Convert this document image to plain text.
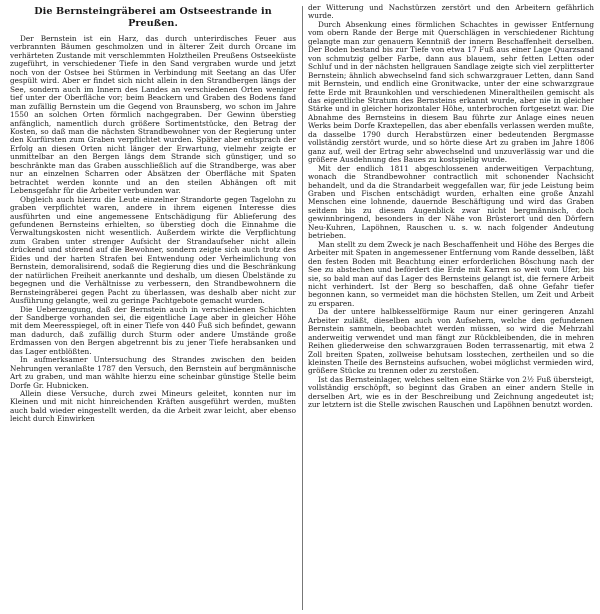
Die Bernsteingräberei am Ostseestrande in Preußen.

Der Bernstein ist ein Harz, das durch unterirdisches Feuer aus verbrannten Bäumen geschmolzen und in älterer Zeit durch Orcane im verhärteten Zustande mit verschlemmten Holztheilen Preußens Ostseeküste zugeführt, in verschiedener Tiefe in den Sand vergraben wurde und jetzt noch von der Ostsee bei Stürmen in Verbindung mit Seetang an das Ufer gespült wird. Aber er findet sich nicht allein in den Strandbergen längs der See, sondern auch im Innern des Landes an verschiedenen Orten weniger tief unter der Oberfläche vor; beim Beackern und Graben des Bodens fand man zufällig Bernstein um die Gegend von Braunsberg, wo schon im Jahre 1550 an solchen Orten förmlich nachgegraben. Der Gewinn überstieg anfänglich, namentlich durch größere Sortimentstücke, den Betrag der Kosten, so daß man die nächsten Strandbewohner von der Regierung unter den Kurfürsten zum Graben verpflichtet wurden. Später aber entsprach der Erfolg an diesen Orten nicht länger der Erwartung, vielmehr zeigte er unmittelbar an den Bergen längs dem Strande sich günstiger, und so beschränkte man das Graben ausschließlich auf die Strandberge, was aber nur an einzelnen Scharren oder Absätzen der Oberfläche mit Spaten betrachtet werden konnte und an den steilen Abhängen oft mit Lebensgefahr für die Arbeiter verbunden war.

Obgleich auch hierzu die Leute einzelner Strandorte gegen Tagelohn zu graben verpflichtet waren, andere in ihrem eigenen Interesse dies ausführten und eine angemessene Entschädigung für Ablieferung des gefundenen Bernsteins erhielten, so überstieg doch die Einnahme die Verwaltungskosten nicht wesentlich. Außerdem wirkte die Verpflichtung zum Graben unter strenger Aufsicht der Strandaufseher nicht allein drückend und störend auf die Bewohner, sondern zeigte sich auch trotz des Eides und der harten Strafen bei Entwendung oder Verheimlichung von Bernstein, demoralisirend, sodaß die Regierung dies und die Beschränkung der natürlichen Freiheit anerkannte und deshalb, um diesen Übelstände zu begegnen und die Verhältnisse zu verbessern, den Strandbewohnern die Bernsteingräberei gegen Pacht zu überlassen, was deshalb aber nicht zur Ausführung gelangte, weil zu geringe Pachtgebote gemacht wurden.

Die Ueberzeugung, daß der Bernstein auch in verschiedenen Schichten der Sandberge vorhanden sei, die eigentliche Lage aber in gleicher Höhe mit dem Meeresspiegel, oft in einer Tiefe von 440 Fuß sich befindet, gewann man dadurch, daß zufällig durch Sturm oder andere Umstände große Erdmassen von den Bergen abgetrennt bis zu jener Tiefe herabsanken und das Lager entblößten.

In aufmerksamer Untersuchung des Strandes zwischen den beiden Nehrungen veranlaßte 1787 den Versuch, den Bernstein auf bergmännische Art zu graben, und man wählte hierzu eine scheinbar günstige Stelle beim Dorfe Gr. Hubnicken.

Allein diese Versuche, durch zwei Mineurs geleitet, konnten nur im Kleinen und mit nicht hinreichenden Kräften ausgeführt werden, mußten auch bald wieder eingestellt werden, da die Arbeit zwar leicht, aber ebenso leicht durch Einwirken

der Witterung und Nachstürzen zerstört und den Arbeitern gefährlich wurde.

Durch Absenkung eines förmlichen Schachtes in gewisser Entfernung vom obern Rande der Berge mit Querschlägen in verschiedener Richtung gelangte man zur genauern Kenntniß der innern Beschaffenheit derselben. Der Boden bestand bis zur Tiefe von etwa 17 Fuß aus einer Lage Quarzsand von schmutzig gelber Farbe, dann aus blauem, sehr fetten Letten oder Schluf und in der nächsten hellgrauen Sandlage zeigte sich viel zerplitterter Bernstein; ähnlich abwechselnd fand sich schwarzgrauer Letten, dann Sand mit Bernstein, und endlich eine Gronitwacke, unter der eine schwarzgraue fette Erde mit Braunkohlen und verschiedenen Mineraltheilen gemischt als das eigentliche Stratum des Bernsteins erkannt wurde, aber nie in gleicher Stärke und in gleicher horizontaler Höhe, unterbrochen fortgesetzt war. Die Abnahme des Bernsteins in diesem Bau führte zur Anlage eines neuen Werks beim Dorfe Kraxtepellen, das aber ebenfalls verlassen werden mußte, da dasselbe 1790 durch Herabstürzen einer bedeutenden Bergmasse vollständig zerstört wurde, und so hörte diese Art zu graben im Jahre 1806 ganz auf, weil der Ertrag sehr abwechselnd und unzuverlässig war und die größere Ausdehnung des Baues zu kostspielig wurde.

Mit der endlich 1811 abgeschlossenen anderweitigen Verpachtung, wonach die Strandbewohner contractlich mit schonender Nachsicht behandelt, und da die Strandarbeit weggefallen war, für jede Leistung beim Graben und Fischen entschädigt wurden, erhalten eine große Anzahl Menschen eine lohnende, dauernde Beschäftigung und wird das Graben seitdem bis zu diesem Augenblick zwar nicht bergmännisch, doch gewinnbringend, besonders in der Nähe von Brüsterort und den Dörfern Neu-Kuhren, Lapöhnen, Rauschen u. s. w. nach folgender Andeutung betrieben.

Man stellt zu dem Zweck je nach Beschaffenheit und Höhe des Berges die Arbeiter mit Spaten in angemessener Entfernung vom Rande desselben, läßt den festen Boden mit Beachtung einer erforderlichen Böschung nach der See zu abstechen und befördert die Erde mit Karren so weit vom Ufer, bis sie, so bald man auf das Lager des Bernsteins gelangt ist, die fernere Arbeit nicht verhindert. Ist der Berg so beschaffen, daß ohne Gefahr tiefer begonnen kann, so vermeidet man die höchsten Stellen, um Zeit und Arbeit zu ersparen.

Da der untere halbkesselförmige Raum nur einer geringeren Anzahl Arbeiter zuläßt, dieselben auch von Aufsehern, welche den gefundenen Bernstein sammeln, beobachtet werden müssen, so wird die Mehrzahl anderweitig verwendet und man fängt zur Rückbleibenden, die in mehren Reihen gliederweise den schwarzgrauen Boden terrassenartig, mit etwa 2 Zoll breiten Spaten, zollweise behutsam losstechen, zertheilen und so die kleinsten Theile des Bernsteins aufsuchen, wobei möglichst vermieden wird, größere Stücke zu trennen oder zu zerstoßen.

Ist das Bernsteinlager, welches selten eine Stärke von 2½ Fuß übersteigt, vollständig erschöpft, so beginnt das Graben an einer andern Stelle in derselben Art, wie es in der Beschreibung und Zeichnung angedeutet ist; zur letztern ist die Stelle zwischen Rauschen und Lapöhnen benutzt worden.
